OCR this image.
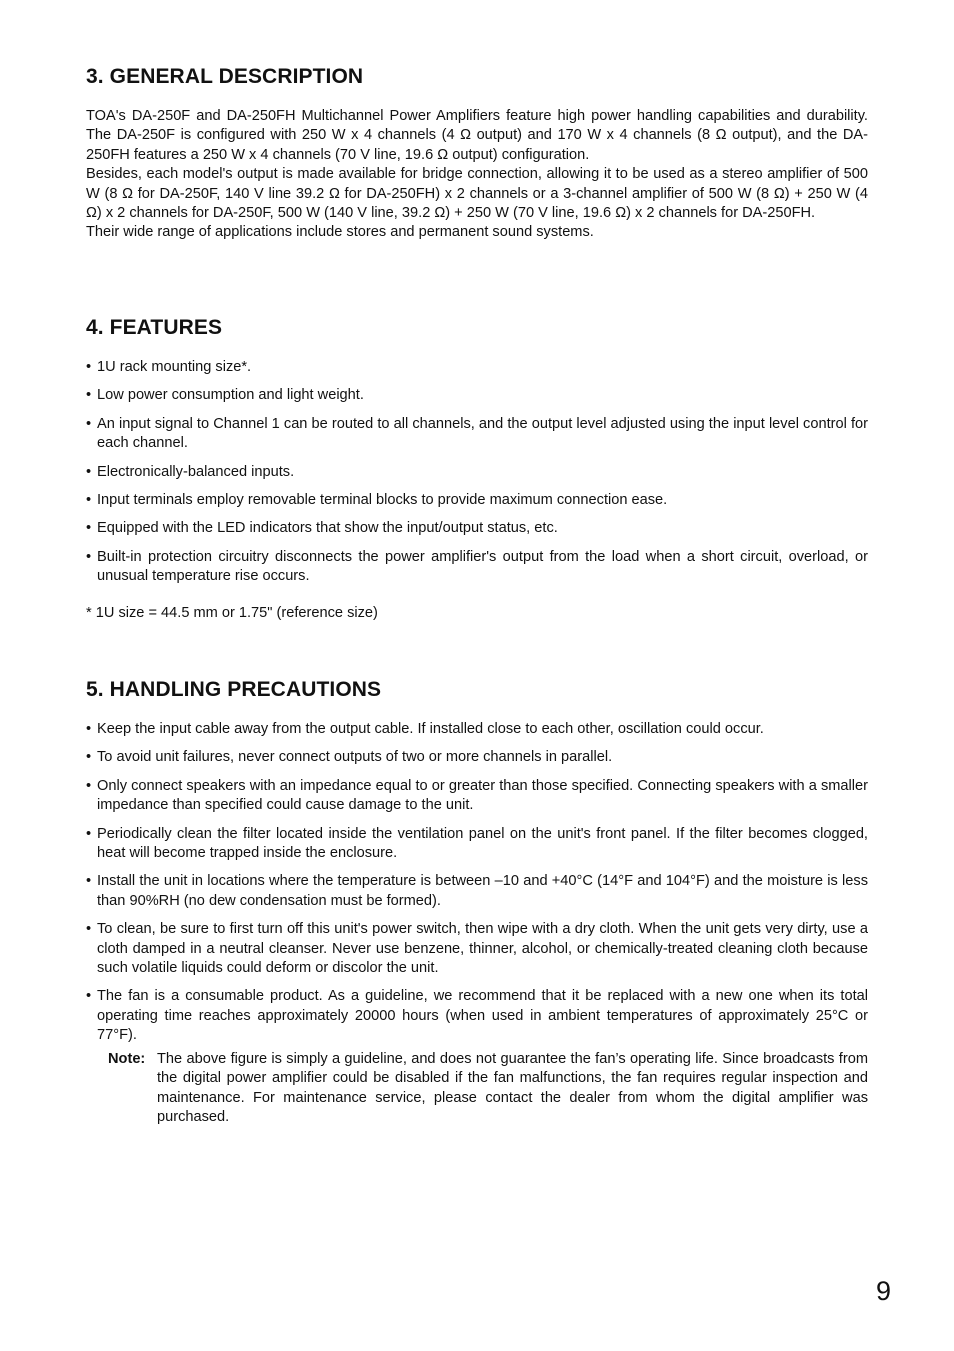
3. GENERAL DESCRIPTION

TOA's DA-250F and DA-250FH Multichannel Power Amplifiers feature high power handling capabilities and durability. The DA-250F is configured with 250 W x 4 channels (4 Ω output) and 170 W x 4 channels (8 Ω output), and the DA-250FH features a 250 W x 4 channels (70 V line, 19.6 Ω output) configuration.

Besides, each model's output is made available for bridge connection, allowing it to be used as a stereo amplifier of 500 W (8 Ω for DA-250F, 140 V line 39.2 Ω for DA-250FH) x 2 channels or a 3-channel amplifier of 500 W (8 Ω) + 250 W (4 Ω) x 2 channels for DA-250F, 500 W (140 V line, 39.2 Ω) + 250 W (70 V line, 19.6 Ω) x 2 channels for DA-250FH.

Their wide range of applications include stores and permanent sound systems.

4. FEATURES
• 1U rack mounting size*.
• Low power consumption and light weight.
• An input signal to Channel 1 can be routed to all channels, and the output level adjusted using the input level control for each channel.
• Electronically-balanced inputs.
• Input terminals employ removable terminal blocks to provide maximum connection ease.
• Equipped with the LED indicators that show the input/output status, etc.
• Built-in protection circuitry disconnects the power amplifier's output from the load when a short circuit, overload, or unusual temperature rise occurs.
* 1U size = 44.5 mm or 1.75" (reference size)
5. HANDLING PRECAUTIONS
• Keep the input cable away from the output cable. If installed close to each other, oscillation could occur.
• To avoid unit failures, never connect outputs of two or more channels in parallel.
• Only connect speakers with an impedance equal to or greater than those specified. Connecting speakers with a smaller impedance than specified could cause damage to the unit.
• Periodically clean the filter located inside the ventilation panel on the unit's front panel. If the filter becomes clogged, heat will become trapped inside the enclosure.
• Install the unit in locations where the temperature is between –10 and +40°C (14°F and 104°F) and the moisture is less than 90%RH (no dew condensation must be formed).
• To clean, be sure to first turn off this unit's power switch, then wipe with a dry cloth. When the unit gets very dirty, use a cloth damped in a neutral cleanser. Never use benzene, thinner, alcohol, or chemically-treated cleaning cloth because such volatile liquids could deform or discolor the unit.
• The fan is a consumable product. As a guideline, we recommend that it be replaced with a new one when its total operating time reaches approximately 20000 hours (when used in ambient temperatures of approximately 25°C or 77°F).
Note: The above figure is simply a guideline, and does not guarantee the fan’s operating life. Since broadcasts from the digital power amplifier could be disabled if the fan malfunctions, the fan requires regular inspection and maintenance. For maintenance service, please contact the dealer from whom the digital amplifier was purchased.
9
